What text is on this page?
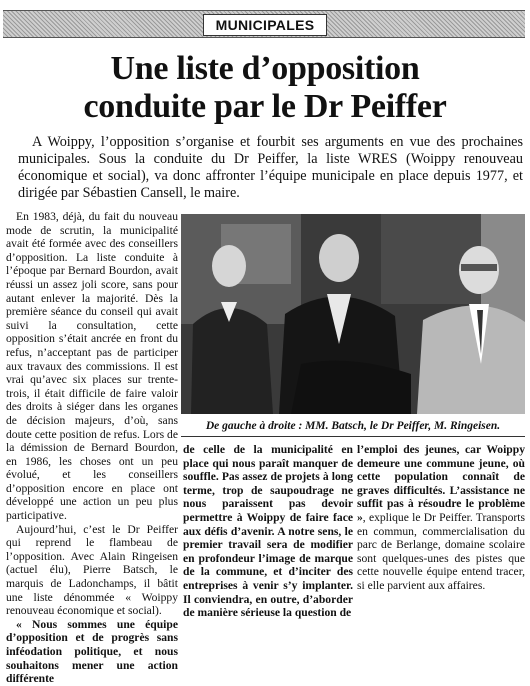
MUNICIPALES
Une liste d’opposition
conduite par le Dr Peiffer

A Woippy, l’opposition s’organise et fourbit ses arguments en vue des prochaines municipales. Sous la conduite du Dr Peiffer, la liste WRES (Woippy renouveau économique et social), va donc affronter l’équipe municipale en place depuis 1977, et dirigée par Sébastien Cansell, le maire.

En 1983, déjà, du fait du nouveau mode de scrutin, la municipalité avait été formée avec des conseillers d’opposition. La liste conduite à l’époque par Bernard Bourdon, avait réussi un assez joli score, sans pour autant enlever la majorité. Dès la première séance du conseil qui avait suivi la consultation, cette opposition s’était ancrée en front du refus, n’acceptant pas de participer aux travaux des commissions. Il est vrai qu’avec six places sur trente-trois, il était difficile de faire valoir des droits à siéger dans les organes de décision majeurs, d’où, sans doute cette position de refus. Lors de la démission de Bernard Bourdon, en 1986, les choses ont un peu évolué, et les conseillers d’opposition encore en place ont développé une action un peu plus participative.

Aujourd’hui, c’est le Dr Peiffer qui reprend le flambeau de l’opposition. Avec Alain Ringeisen (actuel élu), Pierre Batsch, le marquis de Ladonchamps, il bâtit une liste dénommée « Woippy renouveau économique et social).

« Nous sommes une équipe d’opposition et de progrès sans inféodation politique, et nous souhaitons mener une action différente

De gauche à droite : MM. Batsch, le Dr Peiffer, M. Ringeisen.
de celle de la municipalité en place qui nous paraît manquer de souffle. Pas assez de projets à long terme, trop de saupoudrage ne nous paraissent pas devoir permettre à Woippy de faire face aux défis d’avenir. A notre sens, le premier travail sera de modifier en profondeur l’image de marque de la commune, et d’inciter des entreprises à venir s’y implanter. Il conviendra, en outre, d’aborder de manière sérieuse la question de
l’emploi des jeunes, car Woippy demeure une commune jeune, où cette population connaît de graves difficultés. L’assistance ne suffit pas à résoudre le problème », explique le Dr Peiffer. Transports en commun, commercialisation du parc de Berlange, domaine scolaire sont quelques-unes des pistes que cette nouvelle équipe entend tracer, si elle parvient aux affaires.
